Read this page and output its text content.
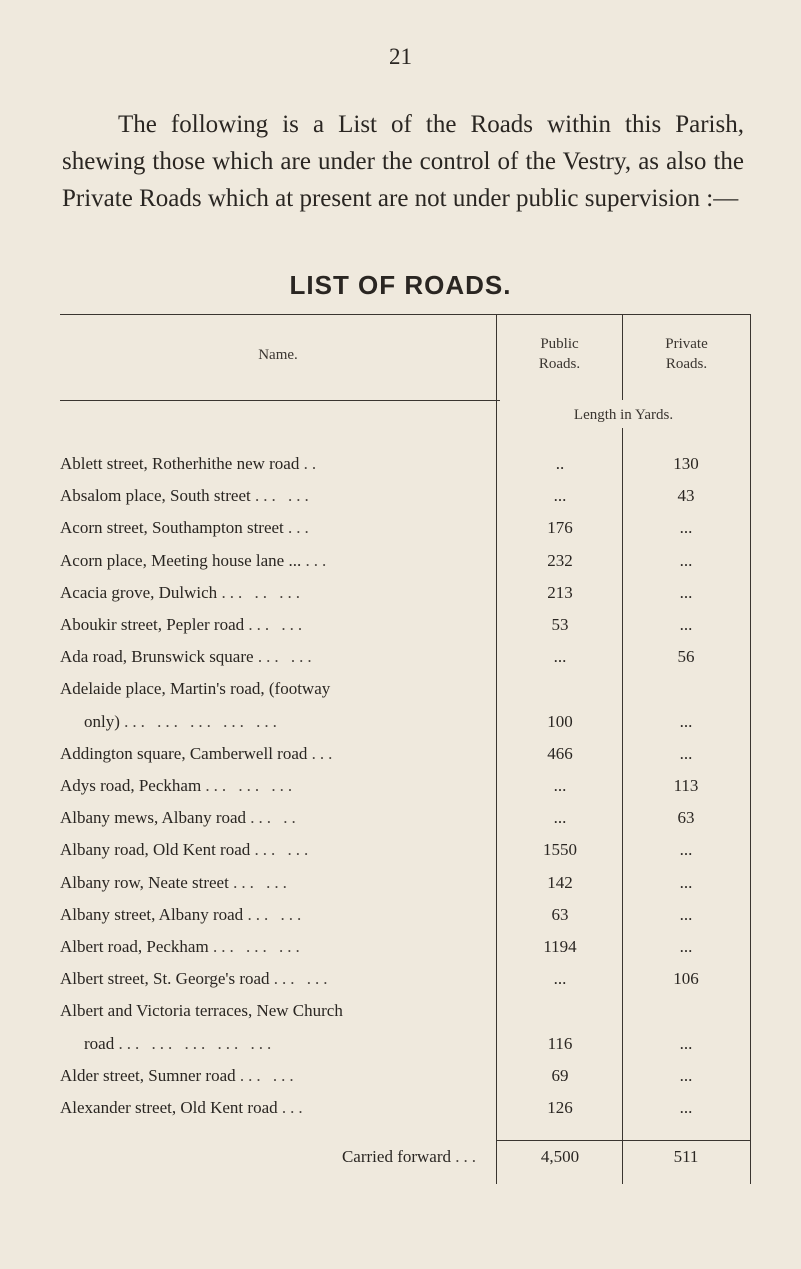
21

The following is a List of the Roads within this Parish, shewing those which are under the control of the Vestry, as also the Private Roads which at present are not under public supervision :—

LIST OF ROADS.
Name.
Public
Roads.
Private
Roads.
Length in Yards.
Ablett street, Rotherhithe new road ..	..	130
Absalom place, South street ... ...	...	43
Acorn street, Southampton street ...	176	...
Acorn place, Meeting house lane ... ...	232	...
Acacia grove, Dulwich ... .. ...	213	...
Aboukir street, Pepler road ... ...	53	...
Ada road, Brunswick square ... ...	...	56
Adelaide place, Martin's road, (footway
only) ... ... ... ... ...	100	...
Addington square, Camberwell road ...	466	...
Adys road, Peckham ... ... ...	...	113
Albany mews, Albany road ... ..	...	63
Albany road, Old Kent road ... ...	1550	...
Albany row, Neate street ... ...	142	...
Albany street, Albany road ... ...	63	...
Albert road, Peckham ... ... ...	1194	...
Albert street, St. George's road ... ...	...	106
Albert and Victoria terraces, New Church
road ... ... ... ... ...	116	...
Alder street, Sumner road ... ...	69	...
Alexander street, Old Kent road ...	126	...
Carried forward ...	4,500	511
